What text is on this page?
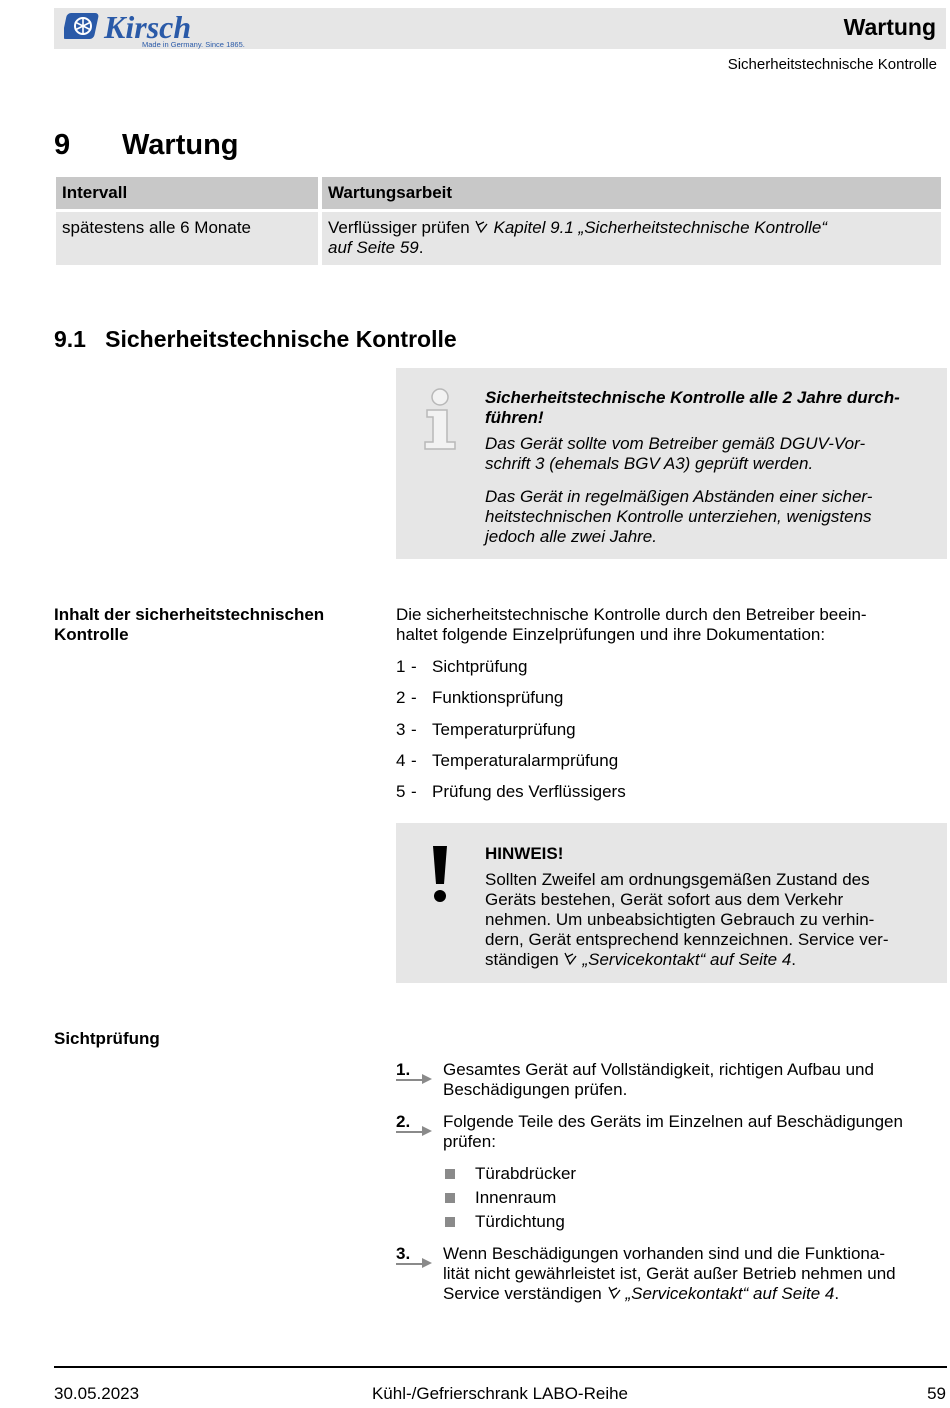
Kirsch
Made in Germany. Since 1865.
Wartung
Sicherheitstechnische Kontrolle
9 Wartung
Intervall	Wartungsarbeit
spätestens alle 6 Monate	Verflüssiger prüfen Kapitel 9.1 „Sicherheitstechnische Kontrolle“
auf Seite 59.
9.1 Sicherheitstechnische Kontrolle
Sicherheitstechnische Kontrolle alle 2 Jahre durch-
führen!
Das Gerät sollte vom Betreiber gemäß DGUV-Vor-
schrift 3 (ehemals BGV A3) geprüft werden.
Das Gerät in regelmäßigen Abständen einer sicher-
heitstechnischen Kontrolle unterziehen, wenigstens
jedoch alle zwei Jahre.
Inhalt der sicherheitstechnischen
Kontrolle
Die sicherheitstechnische Kontrolle durch den Betreiber beein-
haltet folgende Einzelprüfungen und ihre Dokumentation:
1 - Sichtprüfung
2 - Funktionsprüfung
3 - Temperaturprüfung
4 - Temperaturalarmprüfung
5 - Prüfung des Verflüssigers
HINWEIS!
Sollten Zweifel am ordnungsgemäßen Zustand des
Geräts bestehen, Gerät sofort aus dem Verkehr
nehmen. Um unbeabsichtigten Gebrauch zu verhin-
dern, Gerät entsprechend kennzeichnen. Service ver-
ständigen „Servicekontakt“ auf Seite 4.
Sichtprüfung
1.	Gesamtes Gerät auf Vollständigkeit, richtigen Aufbau und
Beschädigungen prüfen.
2.	Folgende Teile des Geräts im Einzelnen auf Beschädigungen
prüfen:
Türabdrücker
Innenraum
Türdichtung
3.	Wenn Beschädigungen vorhanden sind und die Funktiona-
lität nicht gewährleistet ist, Gerät außer Betrieb nehmen und
Service verständigen „Servicekontakt“ auf Seite 4.
30.05.2023	Kühl-/Gefrierschrank LABO-Reihe	59
